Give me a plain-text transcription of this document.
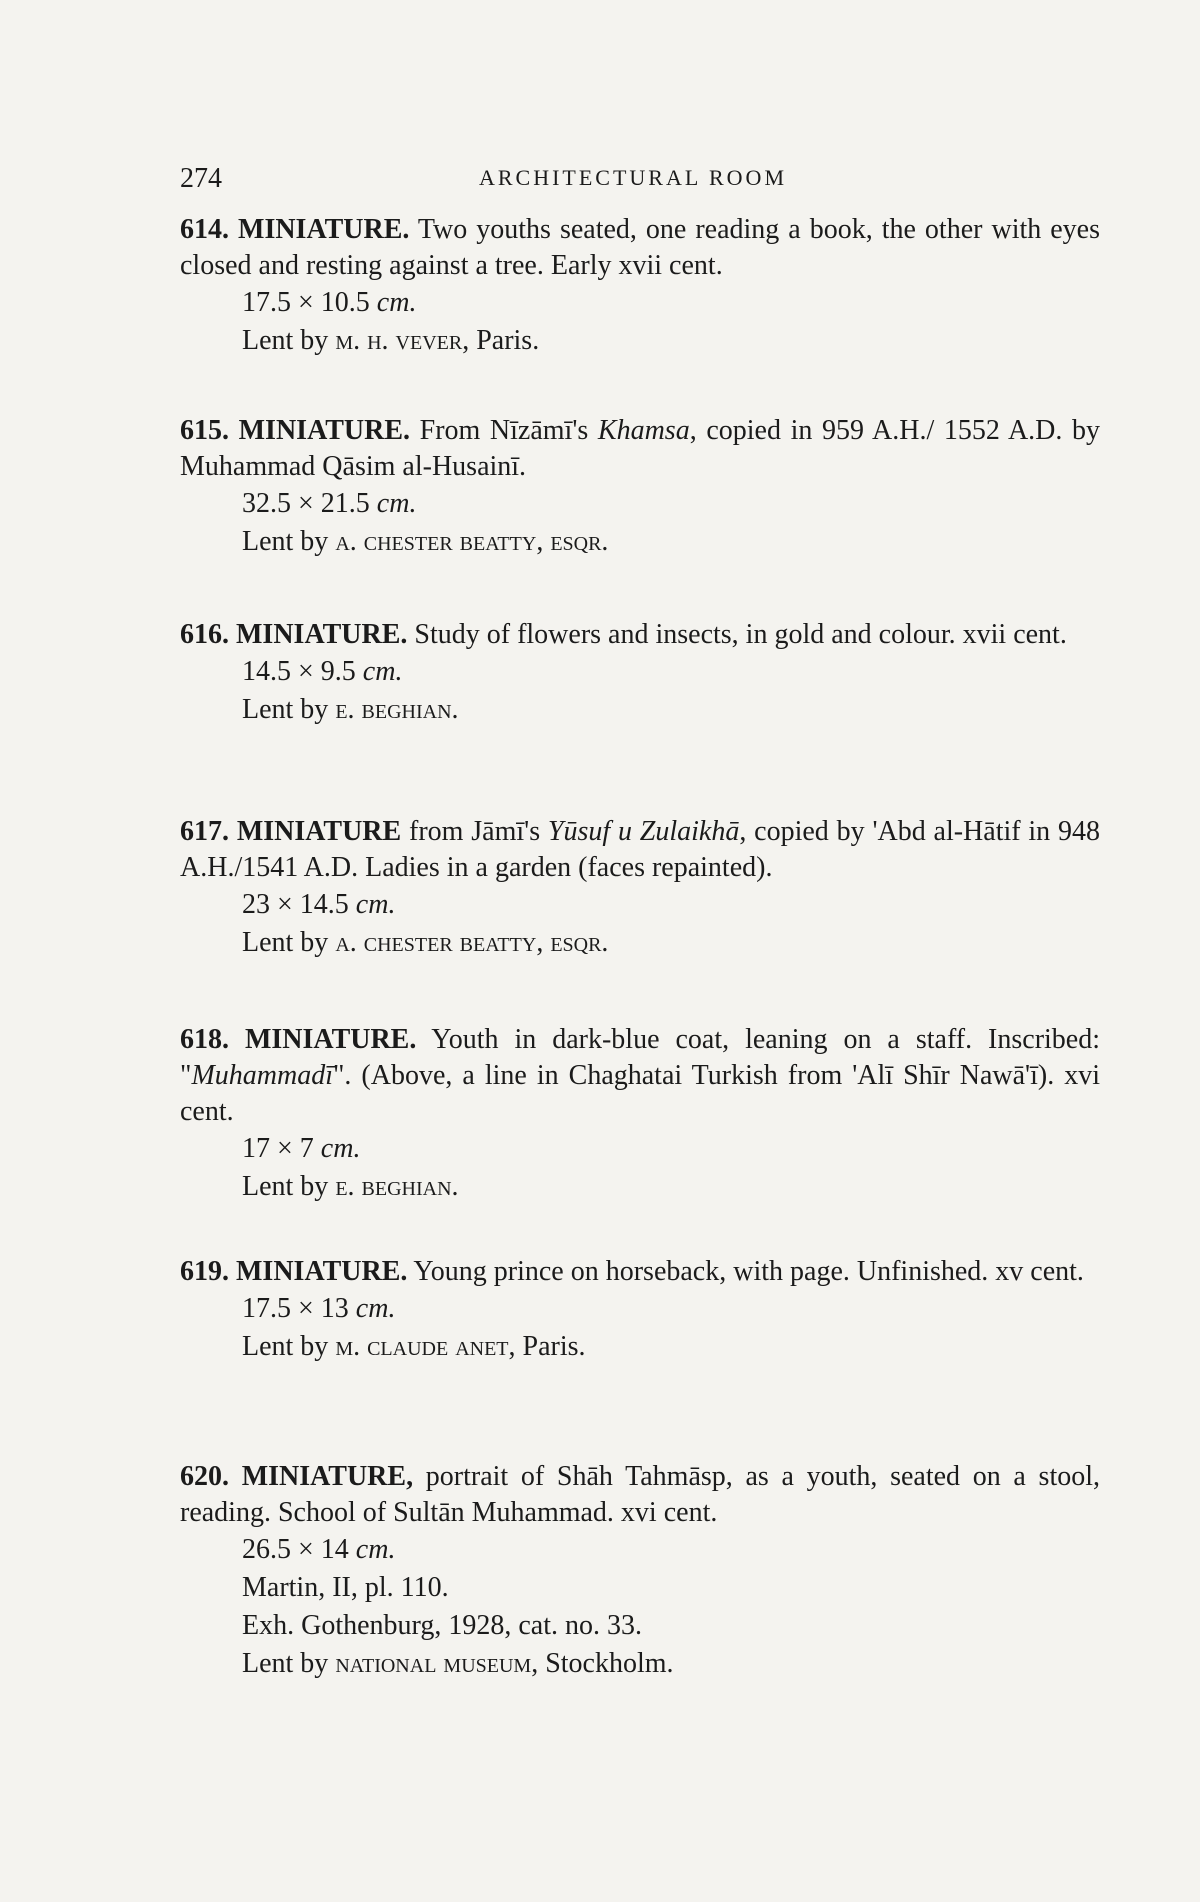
274	ARCHITECTURAL ROOM

614. MINIATURE. Two youths seated, one reading a book, the other with eyes closed and resting against a tree. Early xvii cent.

17.5 × 10.5 cm.

Lent by m. h. vever, Paris.

615. MINIATURE. From Nīzāmī's Khamsa, copied in 959 A.H./ 1552 A.D. by Muhammad Qāsim al-Husainī.

32.5 × 21.5 cm.

Lent by a. chester beatty, esqr.

616. MINIATURE. Study of flowers and insects, in gold and colour. xvii cent.

14.5 × 9.5 cm.

Lent by e. beghian.

617. MINIATURE from Jāmī's Yūsuf u Zulaikhā, copied by 'Abd al-Hātif in 948 A.H./1541 A.D. Ladies in a garden (faces repainted).

23 × 14.5 cm.

Lent by a. chester beatty, esqr.

618. MINIATURE. Youth in dark-blue coat, leaning on a staff. Inscribed: "Muhammadī". (Above, a line in Chaghatai Turkish from 'Alī Shīr Nawā'ī). xvi cent.

17 × 7 cm.

Lent by e. beghian.

619. MINIATURE. Young prince on horseback, with page. Unfinished. xv cent.

17.5 × 13 cm.

Lent by m. claude anet, Paris.

620. MINIATURE, portrait of Shāh Tahmāsp, as a youth, seated on a stool, reading. School of Sultān Muhammad. xvi cent.

26.5 × 14 cm.

Martin, II, pl. 110.

Exh. Gothenburg, 1928, cat. no. 33.

Lent by national museum, Stockholm.
